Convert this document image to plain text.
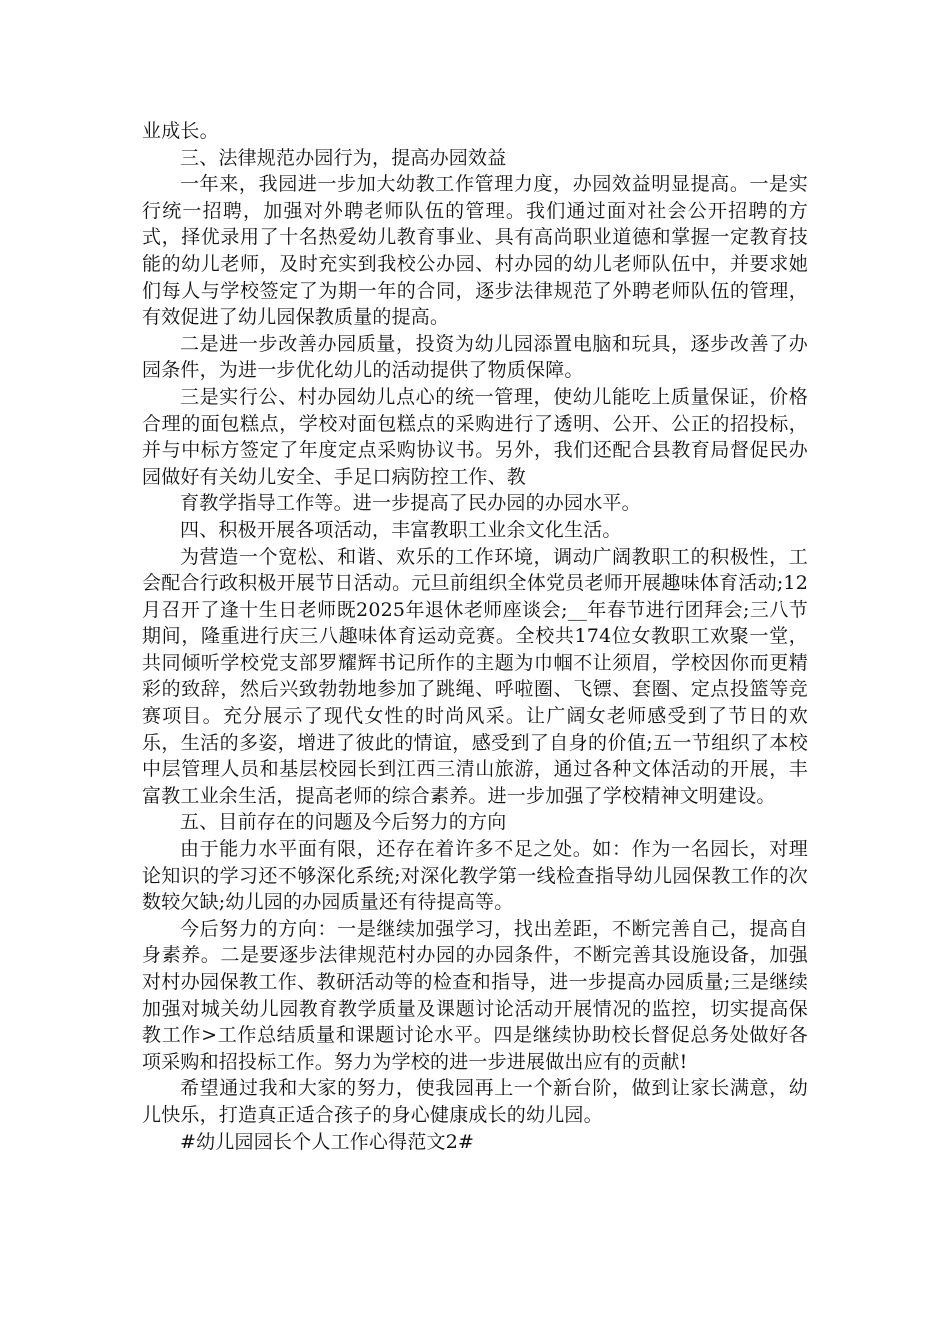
业成长。

三、法律规范办园行为，提高办园效益

一年来，我园进一步加大幼教工作管理力度，办园效益明显提高。一是实行统一招聘，加强对外聘老师队伍的管理。我们通过面对社会公开招聘的方式，择优录用了十名热爱幼儿教育事业、具有高尚职业道德和掌握一定教育技能的幼儿老师，及时充实到我校公办园、村办园的幼儿老师队伍中，并要求她们每人与学校签定了为期一年的合同，逐步法律规范了外聘老师队伍的管理，有效促进了幼儿园保教质量的提高。

二是进一步改善办园质量，投资为幼儿园添置电脑和玩具，逐步改善了办园条件，为进一步优化幼儿的活动提供了物质保障。

三是实行公、村办园幼儿点心的统一管理，使幼儿能吃上质量保证，价格合理的面包糕点，学校对面包糕点的采购进行了透明、公开、公正的招投标，并与中标方签定了年度定点采购协议书。另外，我们还配合县教育局督促民办园做好有关幼儿安全、手足口病防控工作、教

育教学指导工作等。进一步提高了民办园的办园水平。

四、积极开展各项活动，丰富教职工业余文化生活。

为营造一个宽松、和谐、欢乐的工作环境，调动广阔教职工的积极性，工会配合行政积极开展节日活动。元旦前组织全体党员老师开展趣味体育活动;12月召开了逢十生日老师既2025年退休老师座谈会;__年春节进行团拜会;三八节期间，隆重进行庆三八趣味体育运动竞赛。全校共174位女教职工欢聚一堂，共同倾听学校党支部罗耀辉书记所作的主题为巾帼不让须眉，学校因你而更精彩的致辞，然后兴致勃勃地参加了跳绳、呼啦圈、飞镖、套圈、定点投篮等竞赛项目。充分展示了现代女性的时尚风采。让广阔女老师感受到了节日的欢乐，生活的多姿，增进了彼此的情谊，感受到了自身的价值;五一节组织了本校中层管理人员和基层校园长到江西三清山旅游，通过各种文体活动的开展，丰富教工业余生活，提高老师的综合素养。进一步加强了学校精神文明建设。

五、目前存在的问题及今后努力的方向

由于能力水平面有限，还存在着许多不足之处。如：作为一名园长，对理论知识的学习还不够深化系统;对深化教学第一线检查指导幼儿园保教工作的次数较欠缺;幼儿园的办园质量还有待提高等。

今后努力的方向：一是继续加强学习，找出差距，不断完善自己，提高自身素养。二是要逐步法律规范村办园的办园条件，不断完善其设施设备，加强对村办园保教工作、教研活动等的检查和指导，进一步提高办园质量;三是继续加强对城关幼儿园教育教学质量及课题讨论活动开展情况的监控，切实提高保教工作>工作总结质量和课题讨论水平。四是继续协助校长督促总务处做好各项采购和招投标工作。努力为学校的进一步进展做出应有的贡献!

希望通过我和大家的努力，使我园再上一个新台阶，做到让家长满意，幼儿快乐，打造真正适合孩子的身心健康成长的幼儿园。

#幼儿园园长个人工作心得范文2#
